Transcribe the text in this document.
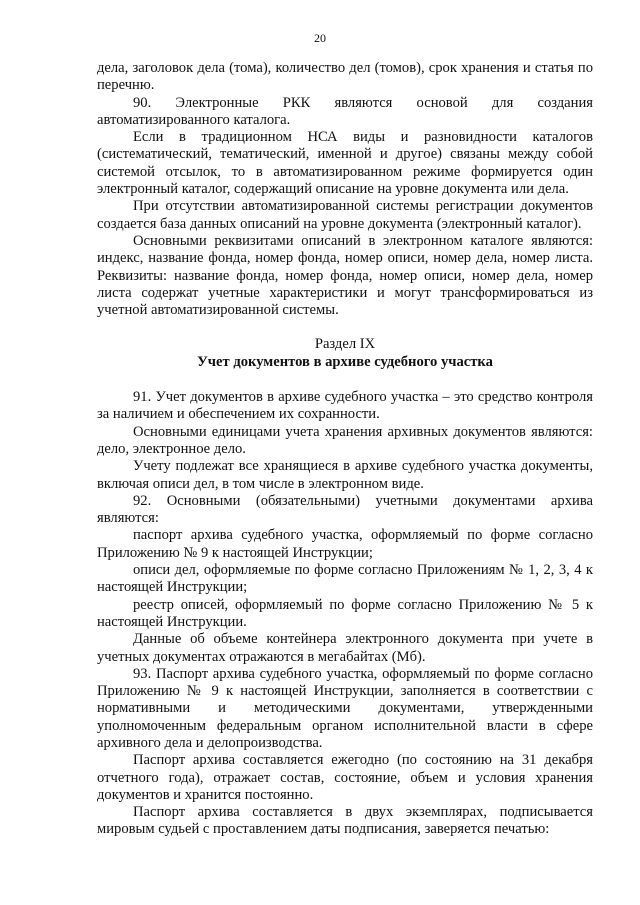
20

дела, заголовок дела (тома), количество дел (томов), срок хранения и статья по перечню.

90. Электронные РКК являются основой для создания автоматизированного каталога.

Если в традиционном НСА виды и разновидности каталогов (систематический, тематический, именной и другое) связаны между собой системой отсылок, то в автоматизированном режиме формируется один электронный каталог, содержащий описание на уровне документа или дела.

При отсутствии автоматизированной системы регистрации документов создается база данных описаний на уровне документа (электронный каталог).

Основными реквизитами описаний в электронном каталоге являются: индекс, название фонда, номер фонда, номер описи, номер дела, номер листа. Реквизиты: название фонда, номер фонда, номер описи, номер дела, номер листа содержат учетные характеристики и могут трансформироваться из учетной автоматизированной системы.

Раздел IX
Учет документов в архиве судебного участка

91. Учет документов в архиве судебного участка – это средство контроля за наличием и обеспечением их сохранности.

Основными единицами учета хранения архивных документов являются: дело, электронное дело.

Учету подлежат все хранящиеся в архиве судебного участка документы, включая описи дел, в том числе в электронном виде.

92. Основными (обязательными) учетными документами архива являются:

паспорт архива судебного участка, оформляемый по форме согласно Приложению № 9 к настоящей Инструкции;

описи дел, оформляемые по форме согласно Приложениям № 1, 2, 3, 4 к настоящей Инструкции;

реестр описей, оформляемый по форме согласно Приложению № 5 к настоящей Инструкции.

Данные об объеме контейнера электронного документа при учете в учетных документах отражаются в мегабайтах (Мб).

93. Паспорт архива судебного участка, оформляемый по форме согласно Приложению № 9 к настоящей Инструкции, заполняется в соответствии с нормативными и методическими документами, утвержденными уполномоченным федеральным органом исполнительной власти в сфере архивного дела и делопроизводства.

Паспорт архива составляется ежегодно (по состоянию на 31 декабря отчетного года), отражает состав, состояние, объем и условия хранения документов и хранится постоянно.

Паспорт архива составляется в двух экземплярах, подписывается мировым судьей с проставлением даты подписания, заверяется печатью:
